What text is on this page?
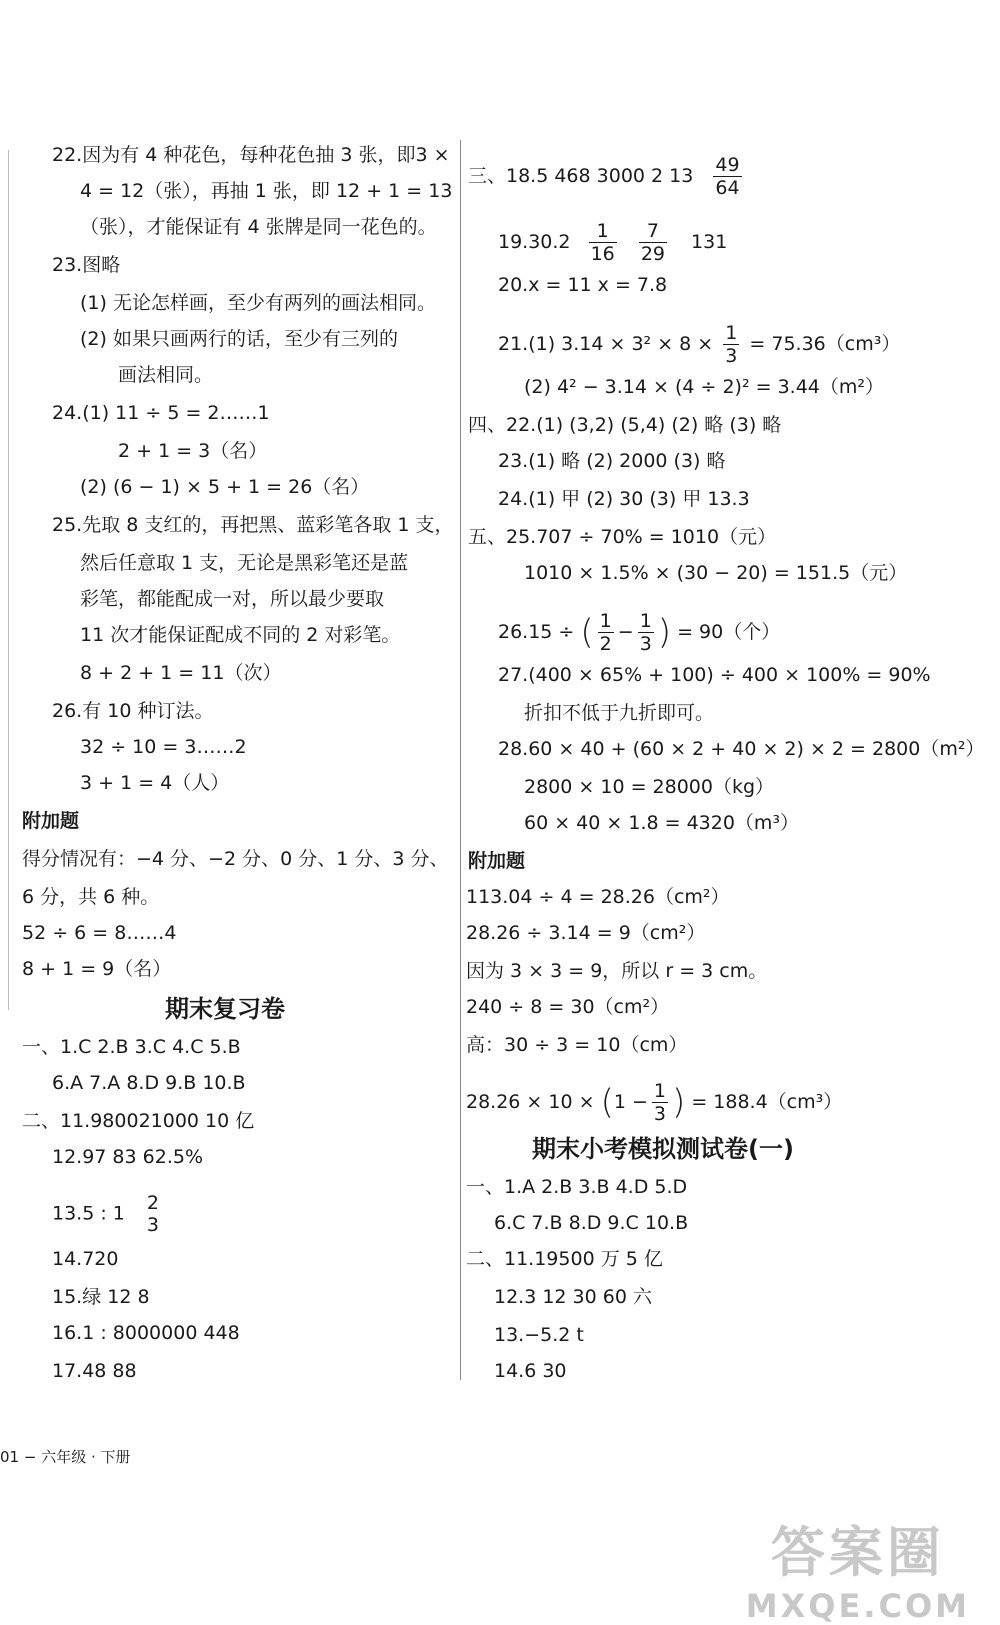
22.因为有 4 种花色，每种花色抽 3 张，即3 ×
4 = 12（张），再抽 1 张，即 12 + 1 = 13
（张），才能保证有 4 张牌是同一花色的。
23.图略
(1) 无论怎样画，至少有两列的画法相同。
(2) 如果只画两行的话，至少有三列的
画法相同。
24.(1) 11 ÷ 5 = 2……1
2 + 1 = 3（名）
(2) (6 − 1) × 5 + 1 = 26（名）
25.先取 8 支红的，再把黑、蓝彩笔各取 1 支，
然后任意取 1 支，无论是黑彩笔还是蓝
彩笔，都能配成一对，所以最少要取
11 次才能保证配成不同的 2 对彩笔。
8 + 2 + 1 = 11（次）
26.有 10 种订法。
32 ÷ 10 = 3……2
3 + 1 = 4（人）
附加题
得分情况有：−4 分、−2 分、0 分、1 分、3 分、
6 分，共 6 种。
52 ÷ 6 = 8……4
8 + 1 = 9（名）
期末复习卷
一、1.C 2.B 3.C 4.C 5.B
6.A 7.A 8.D 9.B 10.B
二、11.980021000 10 亿
12.97 83 62.5%
13.5 : 1 2
3
14.720
15.绿 12 8
16.1 : 8000000 448
17.48 88
三、18.5 468 3000 2 $13 \frac{49}{64}$
$19.30.2 \frac{1}{16}$
$\frac{7}{29} 131$
20.x = 11 x = 7.8
21.(1) $3.14 \times 3^2 \times 8 \times \frac{1}{3} = 75.36(cm^3)$
(2) 4² − 3.14 × (4 ÷ 2)² = 3.44（m²）
四、22.(1) (3,2) (5,4) (2) 略 (3) 略
23.(1) 略 (2) 2000 (3) 略
24.(1) 甲 (2) 30 (3) 甲 13.3
五、25.707 ÷ 70% = 1010（元）
1010 × 1.5% × (30 − 20) = 151.5（元）
26.15 ÷ ( $\frac{1}{2} - \frac{1}{3}$ ) = 90（个）
27.(400 × 65% + 100) ÷ 400 × 100% = 90%
折扣不低于九折即可。
28.60 × 40 + (60 × 2 + 40 × 2) × 2 = 2800（m²）
2800 × 10 = 28000（kg）
60 × 40 × 1.8 = 4320（m³）
附加题
113.04 ÷ 4 = 28.26（cm²）
28.26 ÷ 3.14 = 9（cm²）
因为 3 × 3 = 9，所以 r = 3 cm。
240 ÷ 8 = 30（cm²）
高：30 ÷ 3 = 10（cm）
$28.26 \times 10 \times (1 - \frac{1}{3}$ ) = 188.4（cm³）
期末小考模拟测试卷(一)
一、1.A 2.B 3.B 4.D 5.D
6.C 7.B 8.D 9.C 10.B
二、11.19500 万 5 亿
12.3 12 30 60 六
13.−5.2 t
14.6 30
01 − 六年级 · 下册
答案圈
MXQE.COM
